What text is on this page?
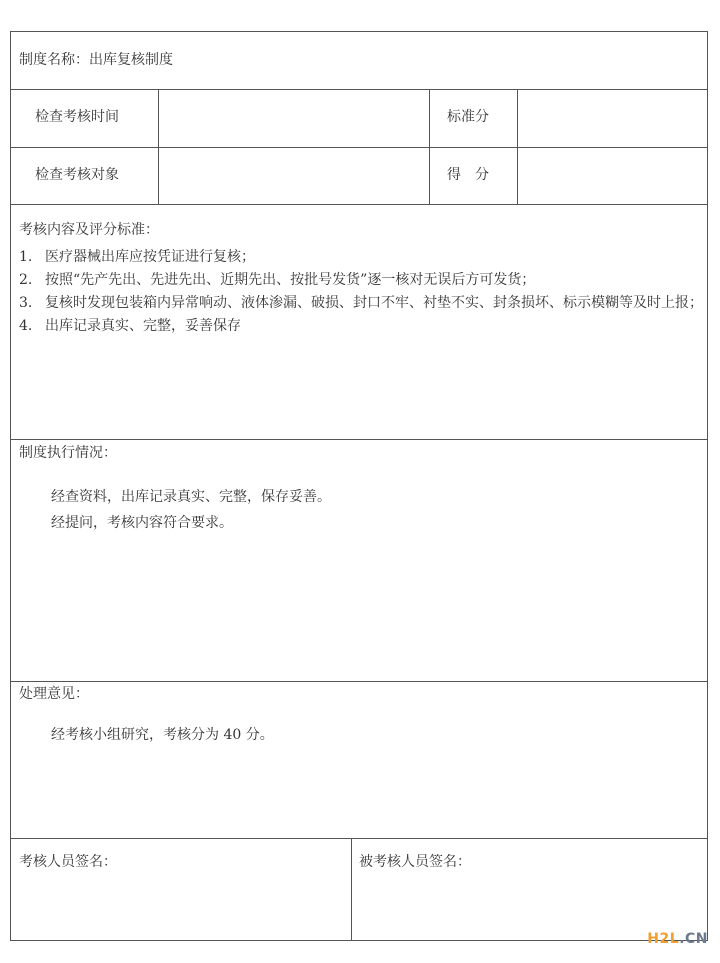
制度名称：出库复核制度
检查考核时间	标准分
检查考核对象	得　分
考核内容及评分标准：
1. 医疗器械出库应按凭证进行复核；
2. 按照“先产先出、先进先出、近期先出、按批号发货”逐一核对无误后方可发货；
3. 复核时发现包装箱内异常响动、液体渗漏、破损、封口不牢、衬垫不实、封条损坏、标示模糊等及时上报；
4. 出库记录真实、完整，妥善保存
制度执行情况：

经查资料，出库记录真实、完整，保存妥善。
经提问，考核内容符合要求。

处理意见：
经考核小组研究，考核分为 40 分。
考核人员签名：	被考核人员签名：
H2L.CN
